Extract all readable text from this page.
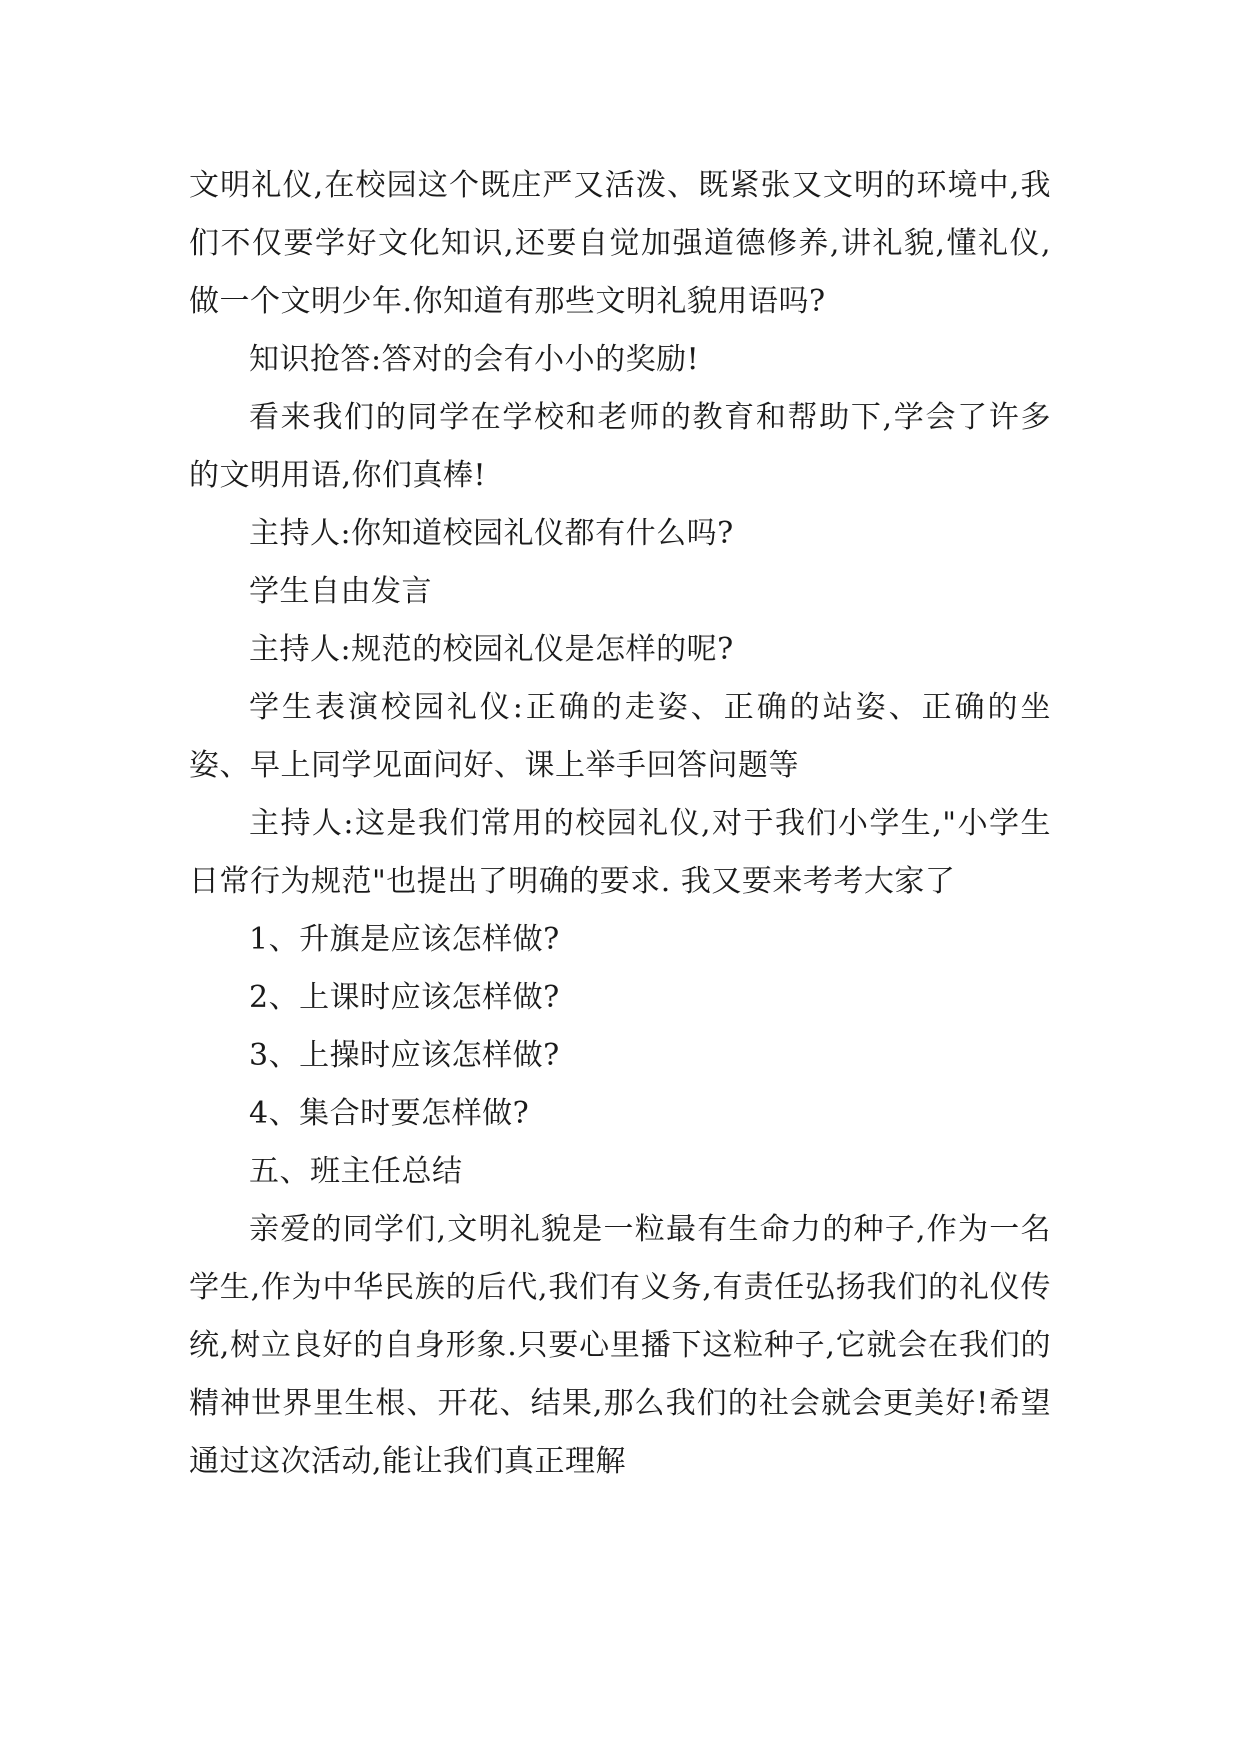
文明礼仪,在校园这个既庄严又活泼、既紧张又文明的环境中,我们不仅要学好文化知识,还要自觉加强道德修养,讲礼貌,懂礼仪,做一个文明少年.你知道有那些文明礼貌用语吗?

知识抢答:答对的会有小小的奖励!

看来我们的同学在学校和老师的教育和帮助下,学会了许多的文明用语,你们真棒!

主持人:你知道校园礼仪都有什么吗?

学生自由发言

主持人:规范的校园礼仪是怎样的呢?

学生表演校园礼仪:正确的走姿、正确的站姿、正确的坐姿、早上同学见面问好、课上举手回答问题等

主持人:这是我们常用的校园礼仪,对于我们小学生,"小学生日常行为规范"也提出了明确的要求. 我又要来考考大家了

1、升旗是应该怎样做?

2、上课时应该怎样做?

3、上操时应该怎样做?

4、集合时要怎样做?

五、班主任总结

亲爱的同学们,文明礼貌是一粒最有生命力的种子,作为一名学生,作为中华民族的后代,我们有义务,有责任弘扬我们的礼仪传统,树立良好的自身形象.只要心里播下这粒种子,它就会在我们的精神世界里生根、开花、结果,那么我们的社会就会更美好!希望通过这次活动,能让我们真正理解
